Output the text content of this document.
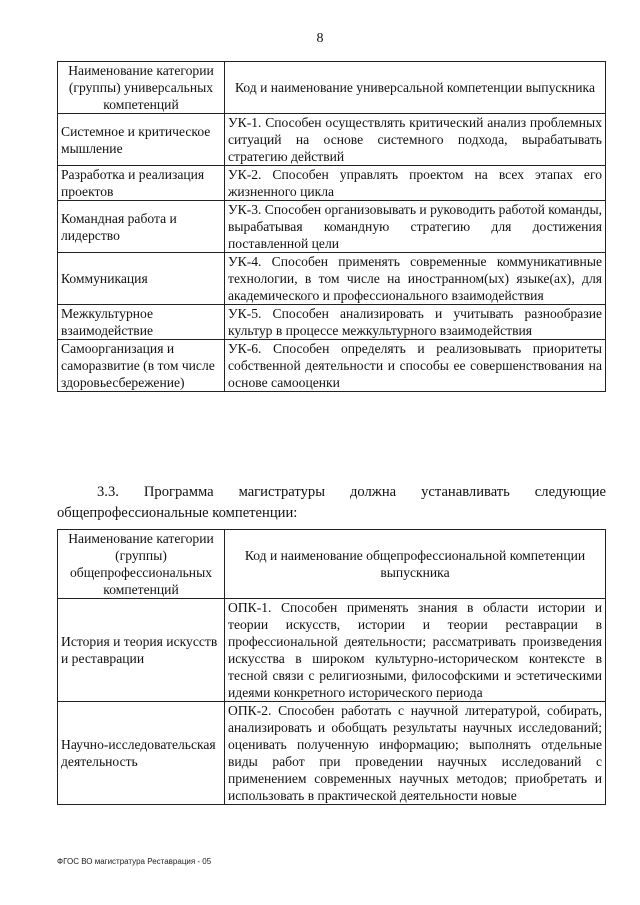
8
Наименование категории (группы) универсальных компетенций	Код и наименование универсальной компетенции выпускника
Системное и критическое мышление	УК-1. Способен осуществлять критический анализ проблемных ситуаций на основе системного подхода, вырабатывать стратегию действий
Разработка и реализация проектов	УК-2. Способен управлять проектом на всех этапах его жизненного цикла
Командная работа и лидерство	УК-3. Способен организовывать и руководить работой команды, вырабатывая командную стратегию для достижения поставленной цели
Коммуникация	УК-4. Способен применять современные коммуникативные технологии, в том числе на иностранном(ых) языке(ах), для академического и профессионального взаимодействия
Межкультурное взаимодействие	УК-5. Способен анализировать и учитывать разнообразие культур в процессе межкультурного взаимодействия
Самоорганизация и саморазвитие (в том числе здоровьесбережение)	УК-6. Способен определять и реализовывать приоритеты собственной деятельности и способы ее совершенствования на основе самооценки
3.3. Программа магистратуры должна устанавливать следующие
общепрофессиональные компетенции:
Наименование категории (группы) общепрофессиональных компетенций	Код и наименование общепрофессиональной компетенции выпускника
История и теория искусств и реставрации	ОПК-1. Способен применять знания в области истории и теории искусств, истории и теории реставрации в профессиональной деятельности; рассматривать произведения искусства в широком культурно-историческом контексте в тесной связи с религиозными, философскими и эстетическими идеями конкретного исторического периода
Научно-исследовательская деятельность	ОПК-2. Способен работать с научной литературой, собирать, анализировать и обобщать результаты научных исследований; оценивать полученную информацию; выполнять отдельные виды работ при проведении научных исследований с применением современных научных методов; приобретать и использовать в практической деятельности новые
ФГОС ВО магистратура Реставрация - 05
